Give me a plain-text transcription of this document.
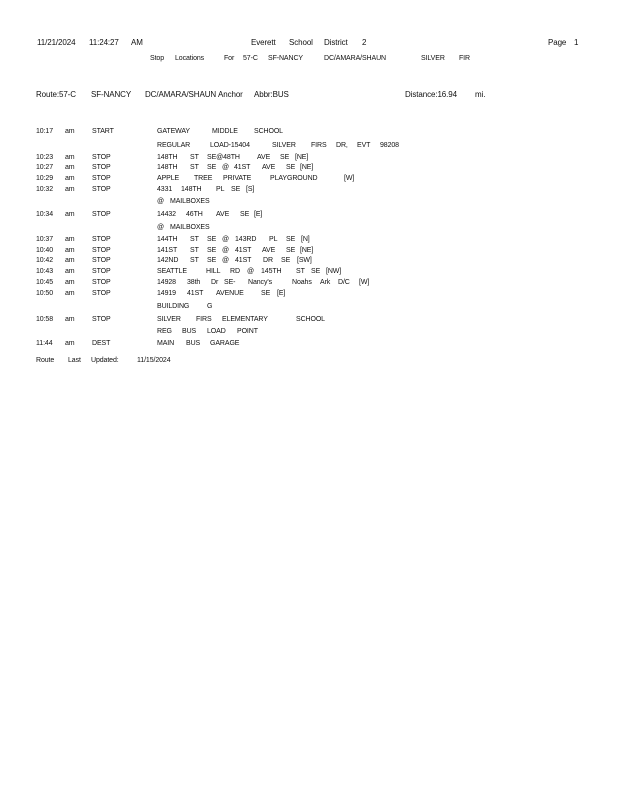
11/21/2024 11:24:27 AM	Everett School District 2	Page 1
Stop Locations	For 57-C SF-NANCY	DC/AMARA/SHAUN	SILVER FIR
Route:57-C SF-NANCY DC/AMARA/SHAUN Anchor Abbr:BUS	Distance:16.94 mi.
10:17 am START	GATEWAY	MIDDLE SCHOOL
REGULAR	LOAD-15404	SILVER FIRS DR, EVT 98208
10:23 am STOP	148TH ST SE@48TH AVE SE [NE]
10:27 am STOP	148TH ST SE @ 41ST AVE SE [NE]
10:29 am STOP	APPLE TREE PRIVATE	PLAYGROUND	[W]
10:32 am STOP	4331 148TH PL SE [S]
@ MAILBOXES
10:34 am STOP	14432 46TH AVE SE [E]
@ MAILBOXES
10:37 am STOP	144TH ST SE @ 143RD PL SE [N]
10:40 am STOP	141ST ST SE @ 41ST AVE SE [NE]
10:42 am STOP	142ND ST SE @ 41ST DR SE [SW]
10:43 am STOP	SEATTLE	HILL RD @ 145TH ST SE [NW]
10:45 am STOP	14928 38th Dr SE- Nancy's	Noahs Ark D/C [W]
10:50 am STOP	14919 41ST AVENUE SE [E]
BUILDING	G
10:58 am STOP	SILVER FIRS ELEMENTARY	SCHOOL
REG BUS LOAD POINT
11:44 am DEST	MAIN BUS GARAGE
Route Last Updated:	11/15/2024
